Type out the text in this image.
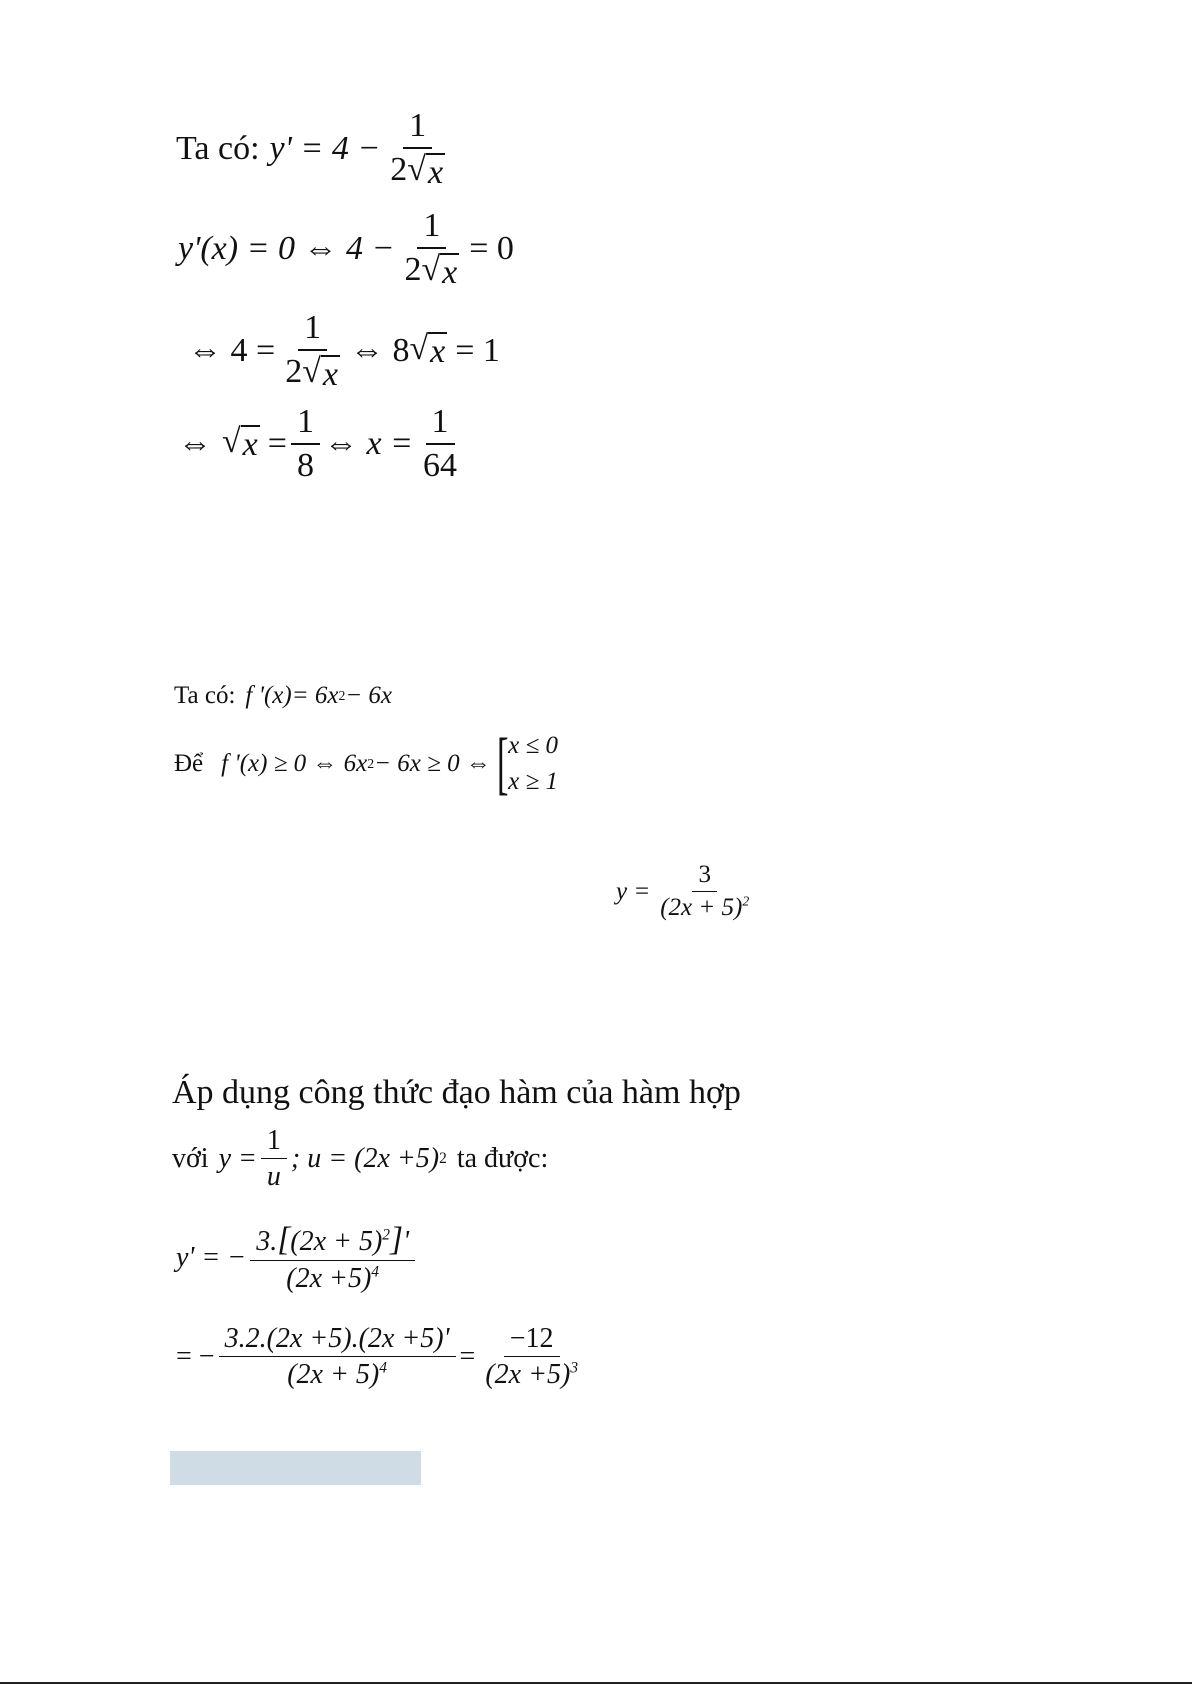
Ta có: $y' = 4 - \frac{1}{2 √ x}$
y'(x) = 0 ⇔ $4 - \frac{1}{2 √ x} = 0$
⇔ $4 = \frac{1}{2 √ x}$ ⇔ 8 √ x = 1
⇔ √ $x = \frac{1}{8}$ ⇔ $x = \frac{1}{64}$
Ta có: f '(x)= 6x 2 − 6x
Để f '(x) ≥ 0 ⇔ 6x 2 − 6x ≥ 0 ⇔ [ x ≤ 0
x ≥ 1
$y = \frac{3}{(2x + 5)^2}$
Áp dụng công thức đạo hàm của hàm hợp
với $y = \frac{1}{u}$ ; u = (2x +5) 2 ta được:
y' = − $\frac{3.[(2x + 5)^2]'}{(2x +5)^4}$
= − $\frac{3.2.(2x +5).(2x +5)'}{(2x + 5)^4} = \frac{-12}{(2x +5)^3}$
